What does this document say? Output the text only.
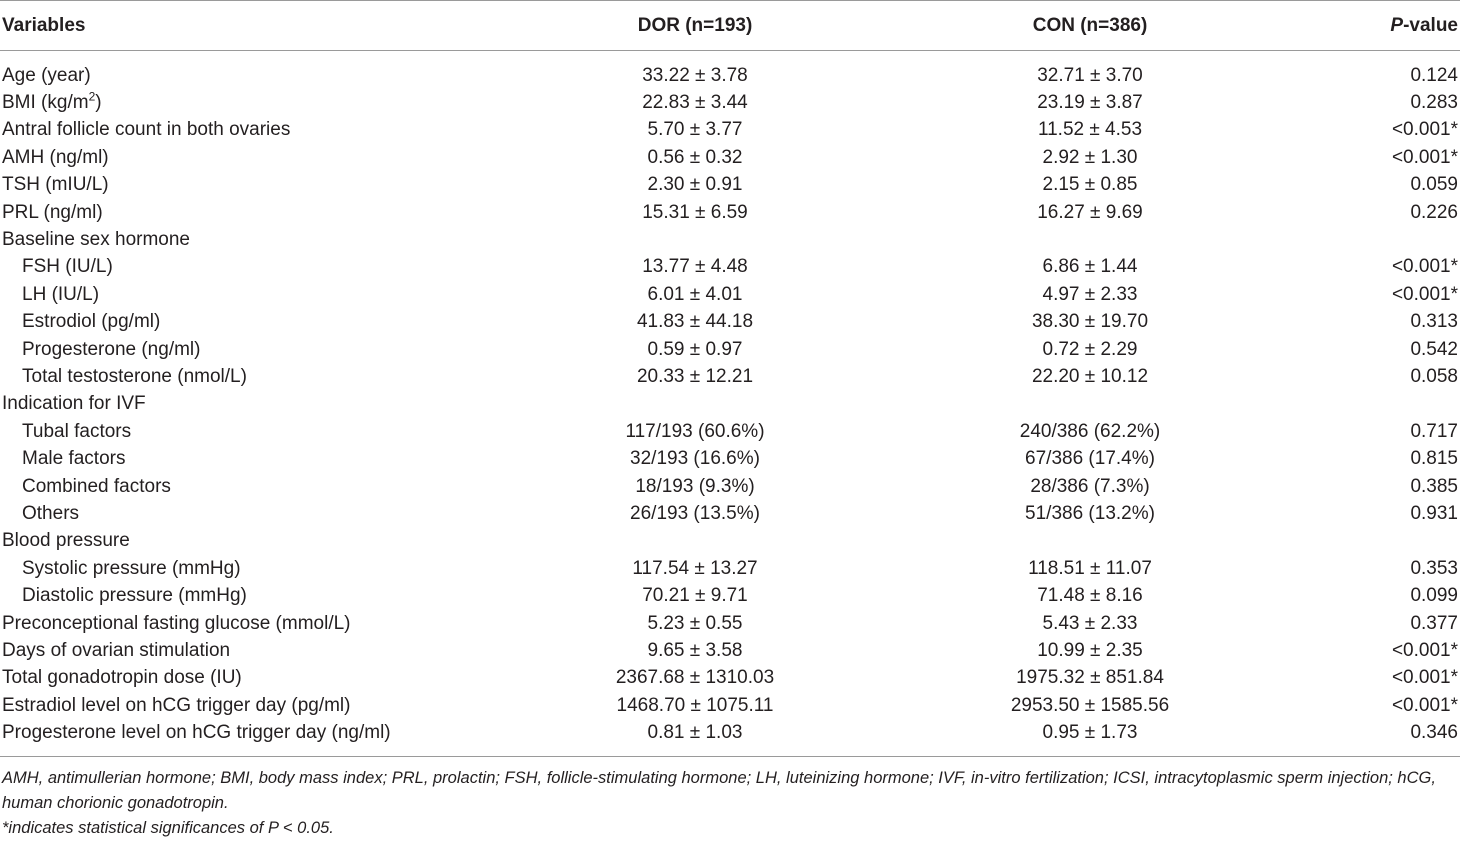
Variables	DOR (n=193)	CON (n=386)	P-value
Age (year)	33.22 ± 3.78	32.71 ± 3.70	0.124
BMI $(kg/m^2)$	22.83 ± 3.44	23.19 ± 3.87	0.283
Antral follicle count in both ovaries	5.70 ± 3.77	11.52 ± 4.53	<0.001*
AMH (ng/ml)	0.56 ± 0.32	2.92 ± 1.30	<0.001*
TSH (mIU/L)	2.30 ± 0.91	2.15 ± 0.85	0.059
PRL (ng/ml)	15.31 ± 6.59	16.27 ± 9.69	0.226
Baseline sex hormone
FSH (IU/L)	13.77 ± 4.48	6.86 ± 1.44	<0.001*
LH (IU/L)	6.01 ± 4.01	4.97 ± 2.33	<0.001*
Estrodiol (pg/ml)	41.83 ± 44.18	38.30 ± 19.70	0.313
Progesterone (ng/ml)	0.59 ± 0.97	0.72 ± 2.29	0.542
Total testosterone (nmol/L)	20.33 ± 12.21	22.20 ± 10.12	0.058
Indication for IVF
Tubal factors	117/193 (60.6%)	240/386 (62.2%)	0.717
Male factors	32/193 (16.6%)	67/386 (17.4%)	0.815
Combined factors	18/193 (9.3%)	28/386 (7.3%)	0.385
Others	26/193 (13.5%)	51/386 (13.2%)	0.931
Blood pressure
Systolic pressure (mmHg)	117.54 ± 13.27	118.51 ± 11.07	0.353
Diastolic pressure (mmHg)	70.21 ± 9.71	71.48 ± 8.16	0.099
Preconceptional fasting glucose (mmol/L)	5.23 ± 0.55	5.43 ± 2.33	0.377
Days of ovarian stimulation	9.65 ± 3.58	10.99 ± 2.35	<0.001*
Total gonadotropin dose (IU)	2367.68 ± 1310.03	1975.32 ± 851.84	<0.001*
Estradiol level on hCG trigger day (pg/ml)	1468.70 ± 1075.11	2953.50 ± 1585.56	<0.001*
Progesterone level on hCG trigger day (ng/ml)	0.81 ± 1.03	0.95 ± 1.73	0.346

AMH, antimullerian hormone; BMI, body mass index; PRL, prolactin; FSH, follicle-stimulating hormone; LH, luteinizing hormone; IVF, in-vitro fertilization; ICSI, intracytoplasmic sperm injection; hCG, human chorionic gonadotropin.

*indicates statistical significances of P < 0.05.
